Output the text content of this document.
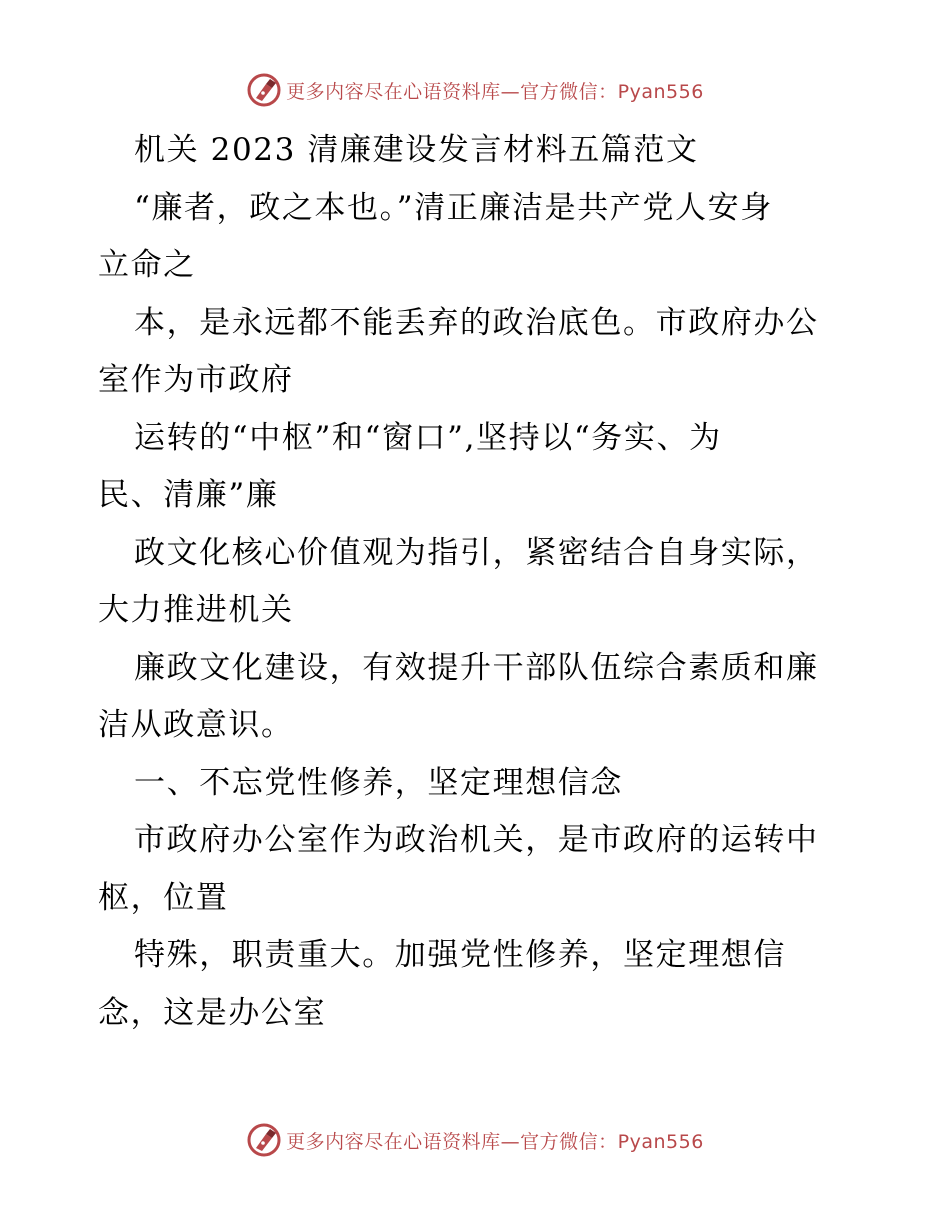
更多内容尽在心语资料库—官方微信：Pyan556
机关 2023 清廉建设发言材料五篇范文
“廉者，政之本也。”清正廉洁是共产党人安身
立命之
本，是永远都不能丢弃的政治底色。市政府办公
室作为市政府
运转的“中枢”和“窗口”,坚持以“务实、为
民、清廉”廉
政文化核心价值观为指引，紧密结合自身实际，
大力推进机关
廉政文化建设，有效提升干部队伍综合素质和廉
洁从政意识。
一、不忘党性修养，坚定理想信念
市政府办公室作为政治机关，是市政府的运转中
枢，位置
特殊，职责重大。加强党性修养，坚定理想信
念，这是办公室
更多内容尽在心语资料库—官方微信：Pyan556
